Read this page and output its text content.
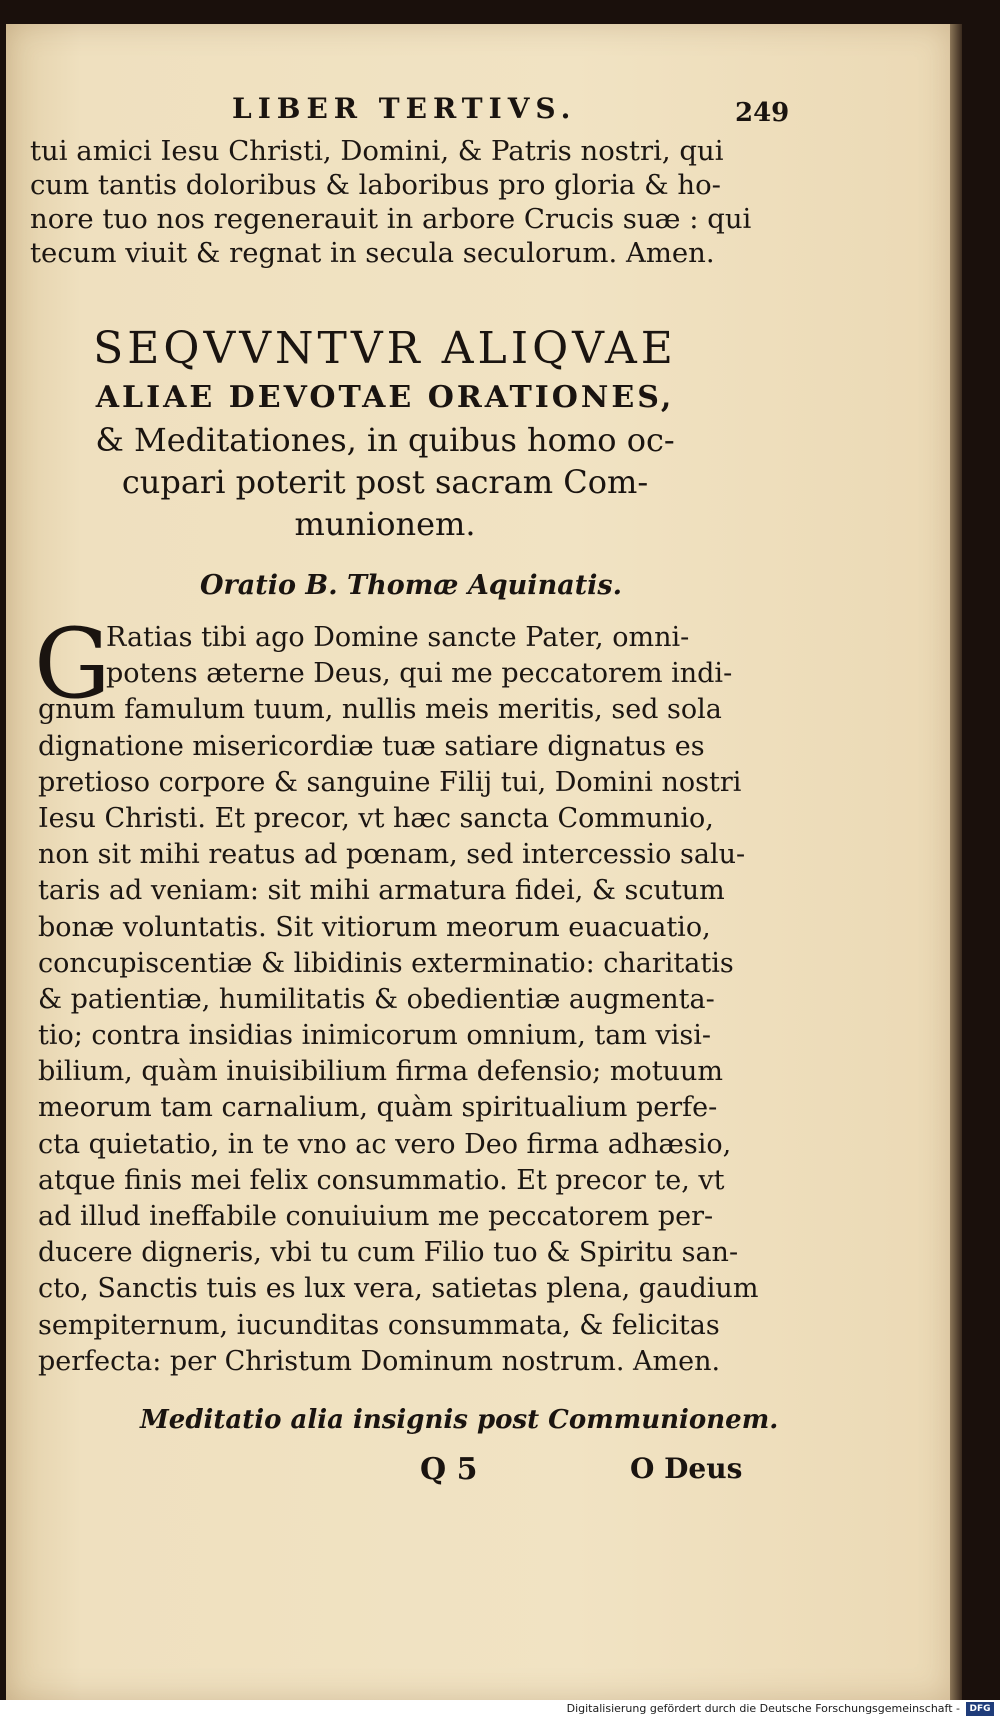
LIBER TERTIVS.	249
tui amici Iesu Christi, Domini, & Patris nostri, qui
cum tantis doloribus & laboribus pro gloria & ho-
nore tuo nos regenerauit in arbore Crucis suæ : qui
tecum viuit & regnat in secula seculorum. Amen.
SEQVVNTVR ALIQVAE
ALIAE DEVOTAE ORATIONES,
& Meditationes, in quibus homo oc-
cupari poterit post sacram Com-
munionem.
Oratio B. Thomæ Aquinatis.
G
Ratias tibi ago Domine sancte Pater, omni-
potens æterne Deus, qui me peccatorem indi-
gnum famulum tuum, nullis meis meritis, sed sola
dignatione misericordiæ tuæ satiare dignatus es
pretioso corpore & sanguine Filij tui, Domini nostri
Iesu Christi. Et precor, vt hæc sancta Communio,
non sit mihi reatus ad pœnam, sed intercessio salu-
taris ad veniam: sit mihi armatura fidei, & scutum
bonæ voluntatis. Sit vitiorum meorum euacuatio,
concupiscentiæ & libidinis exterminatio: charitatis
& patientiæ, humilitatis & obedientiæ augmenta-
tio; contra insidias inimicorum omnium, tam visi-
bilium, quàm inuisibilium firma defensio; motuum
meorum tam carnalium, quàm spiritualium perfe-
cta quietatio, in te vno ac vero Deo firma adhæsio,
atque finis mei felix consummatio. Et precor te, vt
ad illud ineffabile conuiuium me peccatorem per-
ducere digneris, vbi tu cum Filio tuo & Spiritu san-
cto, Sanctis tuis es lux vera, satietas plena, gaudium
sempiternum, iucunditas consummata, & felicitas
perfecta: per Christum Dominum nostrum. Amen.
Meditatio alia insignis post Communionem.
Q 5	O Deus
Digitalisierung gefördert durch die Deutsche Forschungsgemeinschaft -	DFG
